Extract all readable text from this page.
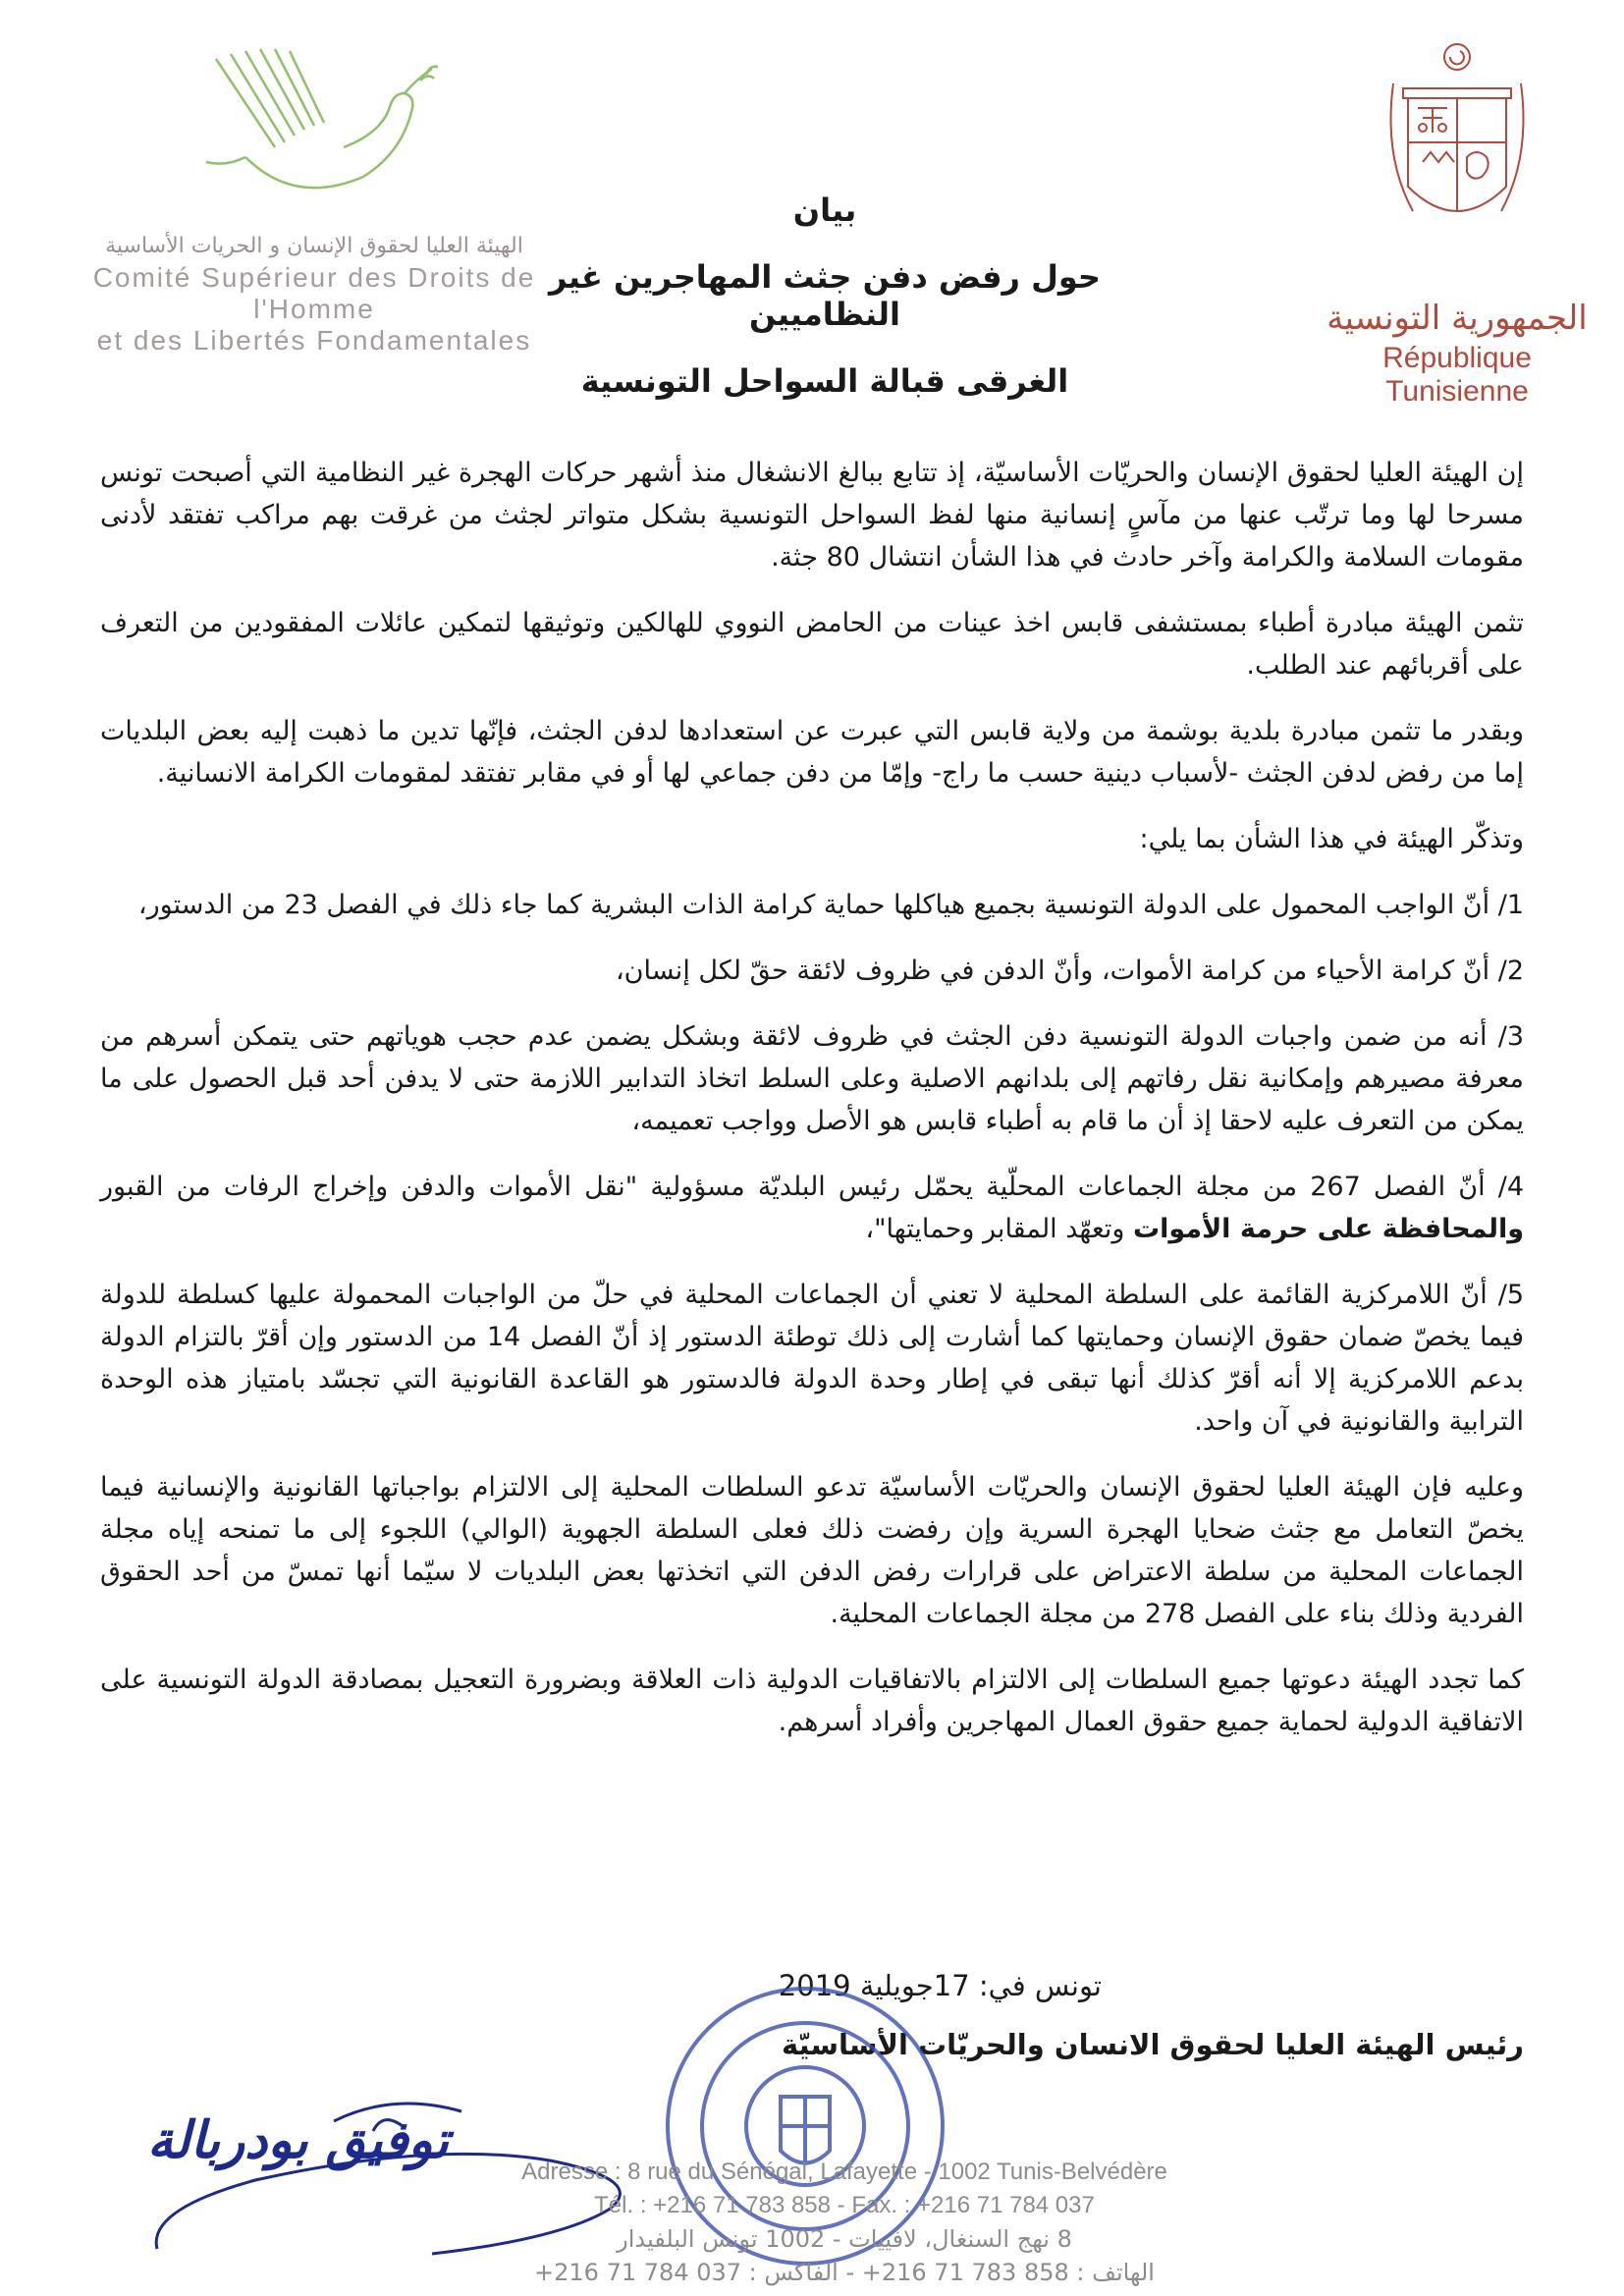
الجمهورية التونسية
République Tunisienne
الهيئة العليا لحقوق الإنسان و الحريات الأساسية
Comité Supérieur des Droits de l'Homme
et des Libertés Fondamentales
بيان
حول رفض دفن جثث المهاجرين غير النظاميين
الغرقى قبالة السواحل التونسية

إن الهيئة العليا لحقوق الإنسان والحريّات الأساسيّة، إذ تتابع ببالغ الانشغال منذ أشهر حركات الهجرة غير النظامية التي أصبحت تونس مسرحا لها وما ترتّب عنها من مآسٍ إنسانية منها لفظ السواحل التونسية بشكل متواتر لجثث من غرقت بهم مراكب تفتقد لأدنى مقومات السلامة والكرامة وآخر حادث في هذا الشأن انتشال 80 جثة.

تثمن الهيئة مبادرة أطباء بمستشفى قابس اخذ عينات من الحامض النووي للهالكين وتوثيقها لتمكين عائلات المفقودين من التعرف على أقربائهم عند الطلب.

وبقدر ما تثمن مبادرة بلدية بوشمة من ولاية قابس التي عبرت عن استعدادها لدفن الجثث، فإنّها تدين ما ذهبت إليه بعض البلديات إما من رفض لدفن الجثث -لأسباب دينية حسب ما راج- وإمّا من دفن جماعي لها أو في مقابر تفتقد لمقومات الكرامة الانسانية.

وتذكّر الهيئة في هذا الشأن بما يلي:

1/ أنّ الواجب المحمول على الدولة التونسية بجميع هياكلها حماية كرامة الذات البشرية كما جاء ذلك في الفصل 23 من الدستور،

2/ أنّ كرامة الأحياء من كرامة الأموات، وأنّ الدفن في ظروف لائقة حقّ لكل إنسان،

3/ أنه من ضمن واجبات الدولة التونسية دفن الجثث في ظروف لائقة وبشكل يضمن عدم حجب هوياتهم حتى يتمكن أسرهم من معرفة مصيرهم وإمكانية نقل رفاتهم إلى بلدانهم الاصلية وعلى السلط اتخاذ التدابير اللازمة حتى لا يدفن أحد قبل الحصول على ما يمكن من التعرف عليه لاحقا إذ أن ما قام به أطباء قابس هو الأصل وواجب تعميمه،

4/ أنّ الفصل 267 من مجلة الجماعات المحلّية يحمّل رئيس البلديّة مسؤولية "نقل الأموات والدفن وإخراج الرفات من القبور والمحافظة على حرمة الأموات وتعهّد المقابر وحمايتها"،

5/ أنّ اللامركزية القائمة على السلطة المحلية لا تعني أن الجماعات المحلية في حلّ من الواجبات المحمولة عليها كسلطة للدولة فيما يخصّ ضمان حقوق الإنسان وحمايتها كما أشارت إلى ذلك توطئة الدستور إذ أنّ الفصل 14 من الدستور وإن أقرّ بالتزام الدولة بدعم اللامركزية إلا أنه أقرّ كذلك أنها تبقى في إطار وحدة الدولة فالدستور هو القاعدة القانونية التي تجسّد بامتياز هذه الوحدة الترابية والقانونية في آن واحد.

وعليه فإن الهيئة العليا لحقوق الإنسان والحريّات الأساسيّة تدعو السلطات المحلية إلى الالتزام بواجباتها القانونية والإنسانية فيما يخصّ التعامل مع جثث ضحايا الهجرة السرية وإن رفضت ذلك فعلى السلطة الجهوية (الوالي) اللجوء إلى ما تمنحه إياه مجلة الجماعات المحلية من سلطة الاعتراض على قرارات رفض الدفن التي اتخذتها بعض البلديات لا سيّما أنها تمسّ من أحد الحقوق الفردية وذلك بناء على الفصل 278 من مجلة الجماعات المحلية.

كما تجدد الهيئة دعوتها جميع السلطات إلى الالتزام بالاتفاقيات الدولية ذات العلاقة وبضرورة التعجيل بمصادقة الدولة التونسية على الاتفاقية الدولية لحماية جميع حقوق العمال المهاجرين وأفراد أسرهم.

تونس في: 17جويلية 2019
رئيس الهيئة العليا لحقوق الانسان والحريّات الأساسيّة
توفيق بودربالة
Adresse : 8 rue du Sénégal, Lafayette - 1002 Tunis-Belvédère
Tél. : +216 71 783 858 - Fax. : +216 71 784 037
8 نهج السنغال، لافييات - 1002 تونس البلفيدار
الهاتف : 858 783 71 216+ - الفاكس : 037 784 71 216+
